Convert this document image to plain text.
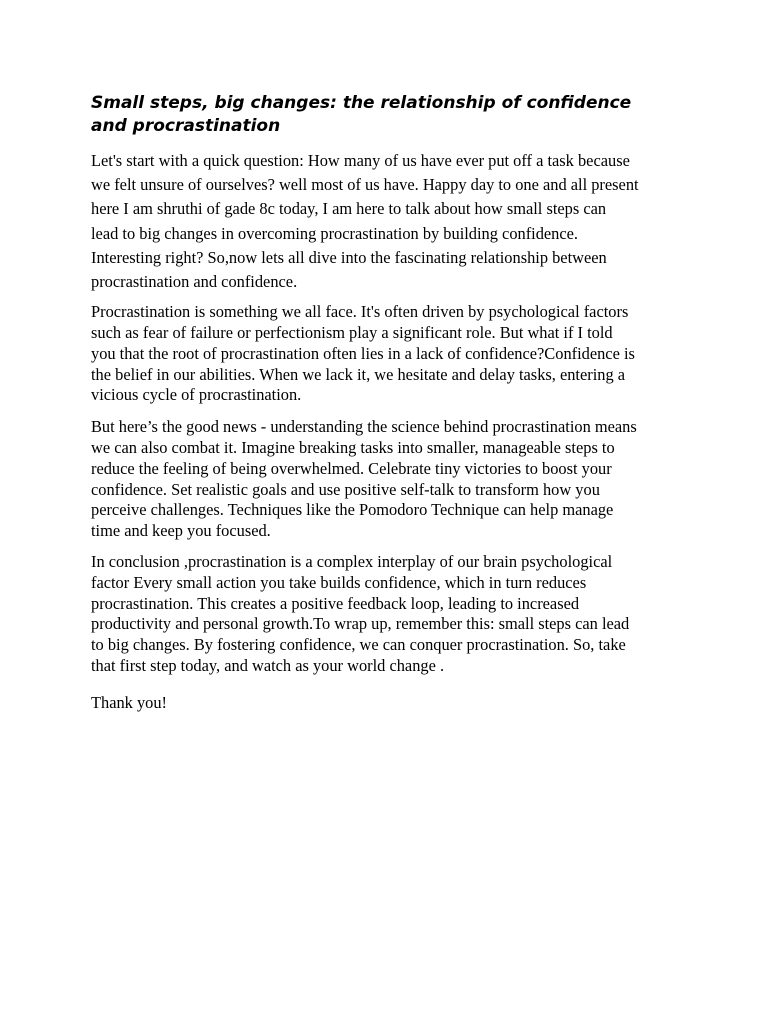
Small steps, big changes: the relationship of confidence
and procrastination
Let's start with a quick question: How many of us have ever put off a task because
we felt unsure of ourselves? well most of us have. Happy day to one and all present
here I am shruthi of gade 8c today, I am here to talk about how small steps can
lead to big changes in overcoming procrastination by building confidence.
Interesting right? So,now lets all dive into the fascinating relationship between
procrastination and confidence.
Procrastination is something we all face. It's often driven by psychological factors
such as fear of failure or perfectionism play a significant role. But what if I told
you that the root of procrastination often lies in a lack of confidence?Confidence is
the belief in our abilities. When we lack it, we hesitate and delay tasks, entering a
vicious cycle of procrastination.
But here’s the good news - understanding the science behind procrastination means
we can also combat it. Imagine breaking tasks into smaller, manageable steps to
reduce the feeling of being overwhelmed. Celebrate tiny victories to boost your
confidence. Set realistic goals and use positive self-talk to transform how you
perceive challenges. Techniques like the Pomodoro Technique can help manage
time and keep you focused.
In conclusion ,procrastination is a complex interplay of our brain psychological
factor Every small action you take builds confidence, which in turn reduces
procrastination. This creates a positive feedback loop, leading to increased
productivity and personal growth.To wrap up, remember this: small steps can lead
to big changes. By fostering confidence, we can conquer procrastination. So, take
that first step today, and watch as your world change .
Thank you!
